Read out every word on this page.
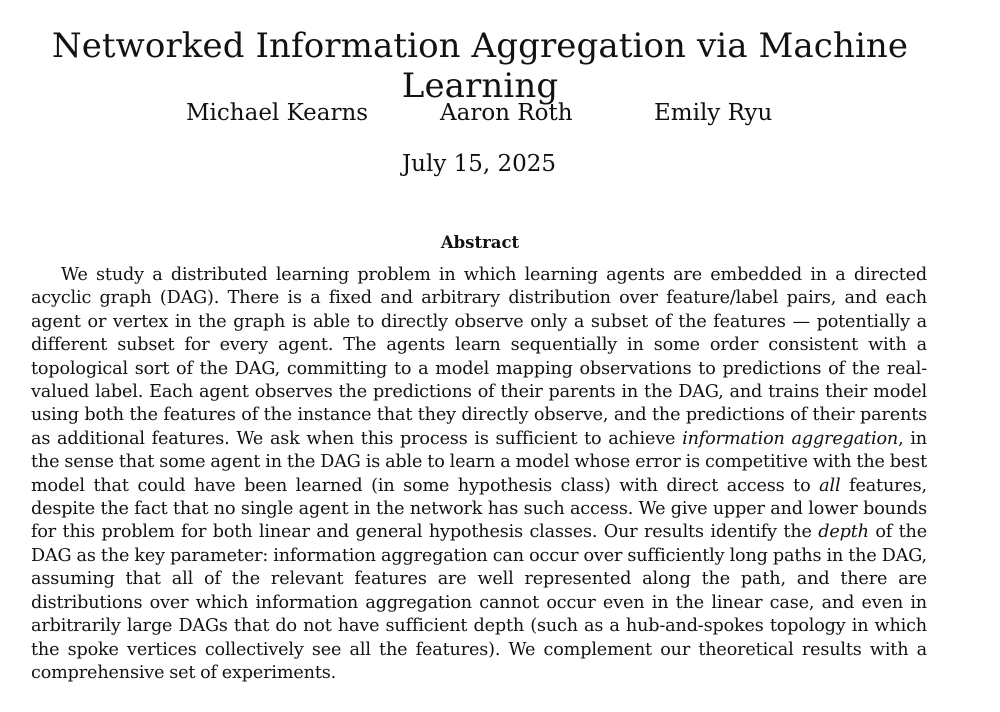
Networked Information Aggregation via Machine Learning
Michael Kearns	Aaron Roth	Emily Ryu
July 15, 2025
Abstract

We study a distributed learning problem in which learning agents are embedded in a directed acyclic graph (DAG). There is a fixed and arbitrary distribution over feature/label pairs, and each agent or vertex in the graph is able to directly observe only a subset of the features — potentially a different subset for every agent. The agents learn sequentially in some order consistent with a topological sort of the DAG, committing to a model mapping observations to predictions of the real-valued label. Each agent observes the predictions of their parents in the DAG, and trains their model using both the features of the instance that they directly observe, and the predictions of their parents as additional features. We ask when this process is sufficient to achieve information aggregation, in the sense that some agent in the DAG is able to learn a model whose error is competitive with the best model that could have been learned (in some hypothesis class) with direct access to all features, despite the fact that no single agent in the network has such access. We give upper and lower bounds for this problem for both linear and general hypothesis classes. Our results identify the depth of the DAG as the key parameter: information aggregation can occur over sufficiently long paths in the DAG, assuming that all of the relevant features are well represented along the path, and there are distributions over which information aggregation cannot occur even in the linear case, and even in arbitrarily large DAGs that do not have sufficient depth (such as a hub-and-spokes topology in which the spoke vertices collectively see all the features). We complement our theoretical results with a comprehensive set of experiments.
